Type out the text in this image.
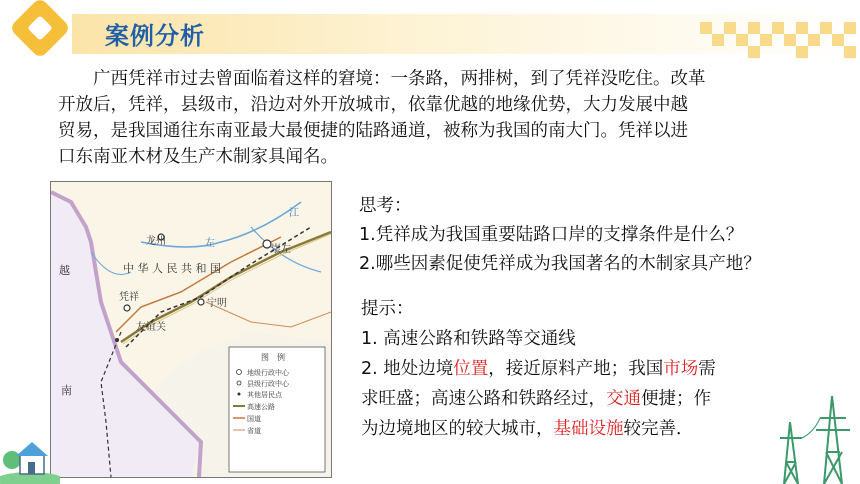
案例分析

广西凭祥市过去曾面临着这样的窘境：一条路，两排树，到了凭祥没吃住。改革

开放后，凭祥，县级市，沿边对外开放城市，依靠优越的地缘优势，大力发展中越
贸易，是我国通往东南亚最大最便捷的陆路通道，被称为我国的南大门。凭祥以进
口东南亚木材及生产木制家具闻名。
龙州	左
江
崇左
中 华 人 民 共 和 国
越
凭祥
宁明
友谊关
南
图　例
地级行政中心
县级行政中心
其他居民点
高速公路
国道
省道
思考：
1.凭祥成为我国重要陆路口岸的支撑条件是什么？
2.哪些因素促使凭祥成为我国著名的木制家具产地？
提示：
1. 高速公路和铁路等交通线
2. 地处边境位置，接近原料产地；我国市场需
求旺盛；高速公路和铁路经过，交通便捷；作
为边境地区的较大城市，基础设施较完善．
